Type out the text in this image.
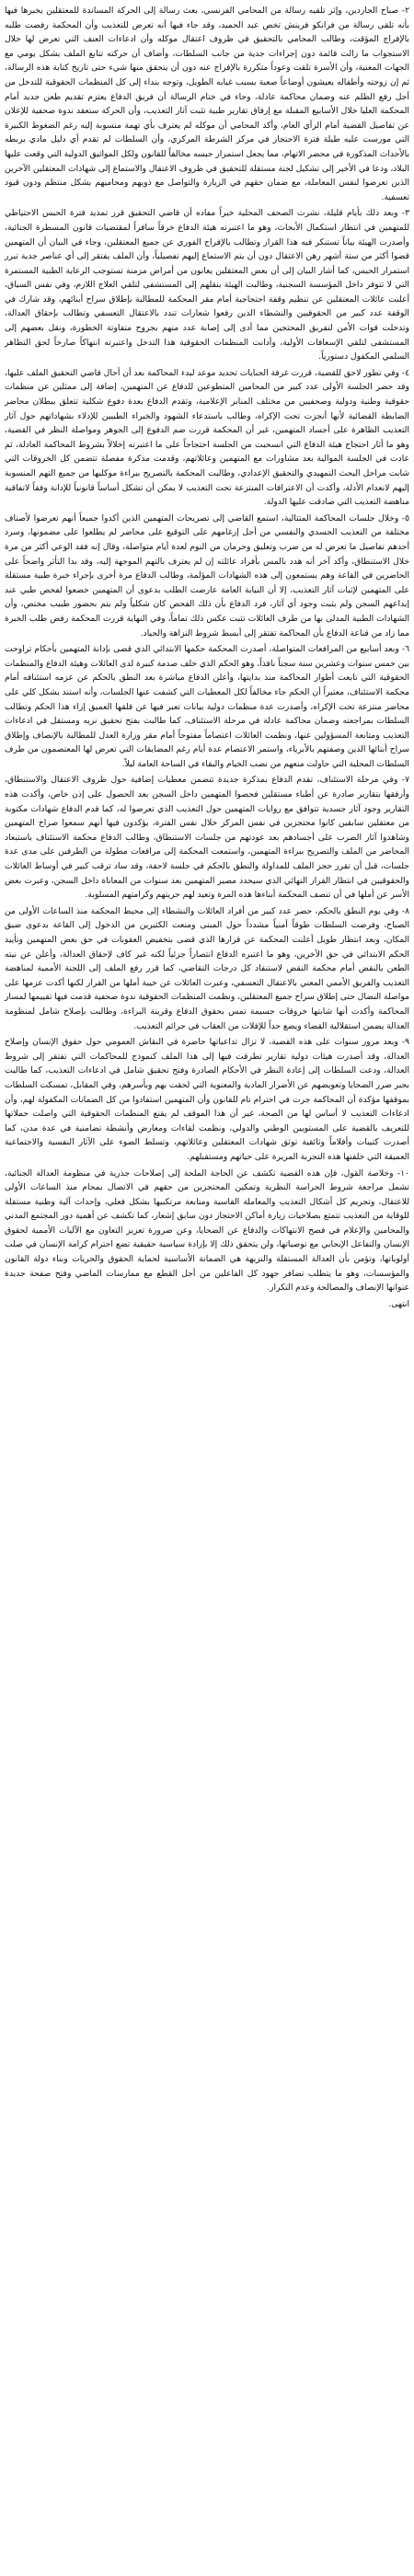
٢- صباح الجاردين، وإثر تلقيه رسالة من المحامي الفرنسي، بعث رسالة إلى الحركة المساندة للمعتقلين يخبرها فيها بأنه تلقى رسالة من فرانكو فرينش تخص عبد الحميد، وقد جاء فيها أنه تعرض للتعذيب وأن المحكمة رفضت طلبه بالإفراج المؤقت، وطالب المحامي بالتحقيق في ظروف اعتقال موكله وأن ادعاءات العنف التي تعرض لها خلال الاستجواب ما زالت قائمة دون إجراءات جدية من جانب السلطات، وأضاف أن حركته تتابع الملف بشكل يومي مع الجهات المعنية، وأن الأسرة تلقت وعوداً متكررة بالإفراج عنه دون أن يتحقق منها شيء حتى تاريخ كتابة هذه الرسالة، ثم إن زوجته وأطفاله يعيشون أوضاعاً صعبة بسبب غيابه الطويل، وتوجه بنداء إلى كل المنظمات الحقوقية للتدخل من أجل رفع الظلم عنه وضمان محاكمة عادلة، وجاء في ختام الرسالة أن فريق الدفاع يعتزم تقديم طعن جديد أمام المحكمة العليا خلال الأسابيع المقبلة مع إرفاق تقارير طبية تثبت آثار التعذيب، وأن الحركة ستعقد ندوة صحفية للإعلان عن تفاصيل القضية أمام الرأي العام، وأكد المحامي أن موكله لم يعترف بأي تهمة منسوبة إليه رغم الضغوط الكبيرة التي مورست عليه طيلة فترة الاحتجاز في مركز الشرطة المركزي، وأن السلطات لم تقدم أي دليل مادي يربطه بالأحداث المذكورة في محضر الاتهام، مما يجعل استمرار حبسه مخالفاً للقانون ولكل المواثيق الدولية التي وقعت عليها البلاد، ودعا في الأخير إلى تشكيل لجنة مستقلة للتحقيق في ظروف الاعتقال والاستماع إلى شهادات المعتقلين الآخرين الذين تعرضوا لنفس المعاملة، مع ضمان حقهم في الزيارة والتواصل مع ذويهم ومحاميهم بشكل منتظم ودون قيود تعسفية.

٣- وبعد ذلك بأيام قليلة، نشرت الصحف المحلية خبراً مفاده أن قاضي التحقيق قرر تمديد فترة الحبس الاحتياطي للمتهمين في انتظار استكمال الأبحاث، وهو ما اعتبرته هيئة الدفاع خرقاً سافراً لمقتضيات قانون المسطرة الجنائية، وأصدرت الهيئة بياناً تستنكر فيه هذا القرار وتطالب بالإفراج الفوري عن جميع المعتقلين، وجاء في البيان أن المتهمين قضوا أكثر من ستة أشهر رهن الاعتقال دون أن يتم الاستماع إليهم تفصيلياً، وأن الملف يفتقر إلى أي عناصر جدية تبرر استمرار الحبس، كما أشار البيان إلى أن بعض المعتقلين يعانون من أمراض مزمنة تستوجب الرعاية الطبية المستمرة التي لا تتوفر داخل المؤسسة السجنية، وطالبت الهيئة بنقلهم إلى المستشفى لتلقي العلاج اللازم، وفي نفس السياق، أعلنت عائلات المعتقلين عن تنظيم وقفة احتجاجية أمام مقر المحكمة للمطالبة بإطلاق سراح أبنائهم، وقد شارك في الوقفة عدد كبير من الحقوقيين والنشطاء الذين رفعوا شعارات تندد بالاعتقال التعسفي وتطالب بإحقاق العدالة، وتدخلت قوات الأمن لتفريق المحتجين مما أدى إلى إصابة عدد منهم بجروح متفاوتة الخطورة، ونقل بعضهم إلى المستشفى لتلقي الإسعافات الأولية، وأدانت المنظمات الحقوقية هذا التدخل واعتبرته انتهاكاً صارخاً لحق التظاهر السلمي المكفول دستورياً.

٤- وفي تطور لاحق للقضية، قررت غرفة الجنايات تحديد موعد لبدء المحاكمة بعد أن أحال قاضي التحقيق الملف عليها، وقد حضر الجلسة الأولى عدد كبير من المحامين المتطوعين للدفاع عن المتهمين، إضافة إلى ممثلين عن منظمات حقوقية وطنية ودولية وصحفيين من مختلف المنابر الإعلامية، وتقدم الدفاع بعدة دفوع شكلية تتعلق ببطلان محاضر الضابطة القضائية لأنها أنجزت تحت الإكراه، وطالب باستدعاء الشهود والخبراء الطبيين للإدلاء بشهاداتهم حول آثار التعذيب الظاهرة على أجساد المتهمين، غير أن المحكمة قررت ضم الدفوع إلى الجوهر ومواصلة النظر في القضية، وهو ما أثار احتجاج هيئة الدفاع التي انسحبت من الجلسة احتجاجاً على ما اعتبرته إخلالاً بشروط المحاكمة العادلة، ثم عادت في الجلسة الموالية بعد مشاورات مع المتهمين وعائلاتهم، وقدمت مذكرة مفصلة تتضمن كل الخروقات التي شابت مراحل البحث التمهيدي والتحقيق الإعدادي، وطالبت المحكمة بالتصريح ببراءة موكليها من جميع التهم المنسوبة إليهم لانعدام الأدلة، وأكدت أن الاعترافات المنتزعة تحت التعذيب لا يمكن أن تشكل أساساً قانونياً للإدانة وفقاً لاتفاقية مناهضة التعذيب التي صادقت عليها الدولة.

٥- وخلال جلسات المحاكمة المتتالية، استمع القاضي إلى تصريحات المتهمين الذين أكدوا جميعاً أنهم تعرضوا لأصناف مختلفة من التعذيب الجسدي والنفسي من أجل إرغامهم على التوقيع على محاضر لم يطلعوا على مضمونها، وسرد أحدهم تفاصيل ما تعرض له من ضرب وتعليق وحرمان من النوم لعدة أيام متواصلة، وقال إنه فقد الوعي أكثر من مرة خلال الاستنطاق، وأكد آخر أنه هدد بالمس بأفراد عائلته إن لم يعترف بالتهم الموجهة إليه، وقد بدا التأثر واضحاً على الحاضرين في القاعة وهم يستمعون إلى هذه الشهادات المؤلمة، وطالب الدفاع مرة أخرى بإجراء خبرة طبية مستقلة على المتهمين لإثبات آثار التعذيب، إلا أن النيابة العامة عارضت الطلب بدعوى أن المتهمين خضعوا لفحص طبي عند إيداعهم السجن ولم يثبت وجود أي آثار، فرد الدفاع بأن ذلك الفحص كان شكلياً ولم يتم بحضور طبيب مختص، وأن الشهادات الطبية المدلى بها من طرف العائلات تثبت عكس ذلك تماماً، وفي النهاية قررت المحكمة رفض طلب الخبرة مما زاد من قناعة الدفاع بأن المحاكمة تفتقر إلى أبسط شروط النزاهة والحياد.

٦- وبعد أسابيع من المرافعات المتواصلة، أصدرت المحكمة حكمها الابتدائي الذي قضى بإدانة المتهمين بأحكام تراوحت بين خمس سنوات وعشرين سنة سجناً نافذاً، وهو الحكم الذي خلف صدمة كبيرة لدى العائلات وهيئة الدفاع والمنظمات الحقوقية التي تابعت أطوار المحاكمة منذ بدايتها، وأعلن الدفاع مباشرة بعد النطق بالحكم عن عزمه استئنافه أمام محكمة الاستئناف، معتبراً أن الحكم جاء مخالفاً لكل المعطيات التي كشفت عنها الجلسات، وأنه استند بشكل كلي على محاضر منتزعة تحت الإكراه، وأصدرت عدة منظمات دولية بيانات تعبر فيها عن قلقها العميق إزاء هذا الحكم وتطالب السلطات بمراجعته وضمان محاكمة عادلة في مرحلة الاستئناف، كما طالبت بفتح تحقيق نزيه ومستقل في ادعاءات التعذيب ومتابعة المسؤولين عنها، ونظمت العائلات اعتصاماً مفتوحاً أمام مقر وزارة العدل للمطالبة بالإنصاف وإطلاق سراح أبنائها الذين وصفتهم بالأبرياء، واستمر الاعتصام عدة أيام رغم المضايقات التي تعرض لها المعتصمون من طرف السلطات المحلية التي حاولت منعهم من نصب الخيام والبقاء في الساحة العامة ليلاً.

٧- وفي مرحلة الاستئناف، تقدم الدفاع بمذكرة جديدة تتضمن معطيات إضافية حول ظروف الاعتقال والاستنطاق، وأرفقها بتقارير صادرة عن أطباء مستقلين فحصوا المتهمين داخل السجن بعد الحصول على إذن خاص، وأكدت هذه التقارير وجود آثار جسدية تتوافق مع روايات المتهمين حول التعذيب الذي تعرضوا له، كما قدم الدفاع شهادات مكتوبة من معتقلين سابقين كانوا محتجزين في نفس المركز خلال نفس الفترة، يؤكدون فيها أنهم سمعوا صراخ المتهمين وشاهدوا آثار الضرب على أجسادهم بعد عودتهم من جلسات الاستنطاق، وطالب الدفاع محكمة الاستئناف باستبعاد المحاضر من الملف والتصريح ببراءة المتهمين، واستمعت المحكمة إلى مرافعات مطولة من الطرفين على مدى عدة جلسات، قبل أن تقرر حجز الملف للمداولة والنطق بالحكم في جلسة لاحقة، وقد ساد ترقب كبير في أوساط العائلات والحقوقيين في انتظار القرار النهائي الذي سيحدد مصير المتهمين بعد سنوات من المعاناة داخل السجن، وعبرت بعض الأسر عن أملها في أن تنصف المحكمة أبناءها هذه المرة وتعيد لهم حريتهم وكرامتهم المسلوبة.

٨- وفي يوم النطق بالحكم، حضر عدد كبير من أفراد العائلات والنشطاء إلى محيط المحكمة منذ الساعات الأولى من الصباح، وفرضت السلطات طوقاً أمنياً مشدداً حول المبنى ومنعت الكثيرين من الدخول إلى القاعة بدعوى ضيق المكان، وبعد انتظار طويل أعلنت المحكمة عن قرارها الذي قضى بتخفيض العقوبات في حق بعض المتهمين وتأييد الحكم الابتدائي في حق الآخرين، وهو ما اعتبره الدفاع انتصاراً جزئياً لكنه غير كاف لإحقاق العدالة، وأعلن عن نيته الطعن بالنقض أمام محكمة النقض لاستنفاد كل درجات التقاضي، كما قرر رفع الملف إلى اللجنة الأممية لمناهضة التعذيب والفريق الأممي المعني بالاعتقال التعسفي، وعبرت العائلات عن خيبة أملها من القرار لكنها أكدت عزمها على مواصلة النضال حتى إطلاق سراح جميع المعتقلين، ونظمت المنظمات الحقوقية ندوة صحفية قدمت فيها تقييمها لمسار المحاكمة وأكدت أنها شابتها خروقات جسيمة تمس بحقوق الدفاع وقرينة البراءة، وطالبت بإصلاح شامل لمنظومة العدالة يضمن استقلالية القضاء ويضع حداً للإفلات من العقاب في جرائم التعذيب.

٩- وبعد مرور سنوات على هذه القضية، لا تزال تداعياتها حاضرة في النقاش العمومي حول حقوق الإنسان وإصلاح العدالة، وقد أصدرت هيئات دولية تقارير تطرقت فيها إلى هذا الملف كنموذج للمحاكمات التي تفتقر إلى شروط العدالة، ودعت السلطات إلى إعادة النظر في الأحكام الصادرة وفتح تحقيق شامل في ادعاءات التعذيب، كما طالبت بجبر ضرر الضحايا وتعويضهم عن الأضرار المادية والمعنوية التي لحقت بهم وبأسرهم، وفي المقابل، تمسكت السلطات بموقفها مؤكدة أن المحاكمة جرت في احترام تام للقانون وأن المتهمين استفادوا من كل الضمانات المكفولة لهم، وأن ادعاءات التعذيب لا أساس لها من الصحة، غير أن هذا الموقف لم يقنع المنظمات الحقوقية التي واصلت حملاتها للتعريف بالقضية على المستويين الوطني والدولي، ونظمت لقاءات ومعارض وأنشطة تضامنية في عدة مدن، كما أصدرت كتيبات وأفلاماً وثائقية توثق شهادات المعتقلين وعائلاتهم، وتسلط الضوء على الآثار النفسية والاجتماعية العميقة التي خلفتها هذه التجربة المريرة على حياتهم ومستقبلهم.

١٠- وخلاصة القول، فإن هذه القضية تكشف عن الحاجة الملحة إلى إصلاحات جذرية في منظومة العدالة الجنائية، تشمل مراجعة شروط الحراسة النظرية وتمكين المحتجزين من حقهم في الاتصال بمحام منذ الساعات الأولى للاعتقال، وتجريم كل أشكال التعذيب والمعاملة القاسية ومتابعة مرتكبيها بشكل فعلي، وإحداث آلية وطنية مستقلة للوقاية من التعذيب تتمتع بصلاحيات زيارة أماكن الاحتجاز دون سابق إشعار، كما تكشف عن أهمية دور المجتمع المدني والمحامين والإعلام في فضح الانتهاكات والدفاع عن الضحايا، وعن ضرورة تعزيز التعاون مع الآليات الأممية لحقوق الإنسان والتفاعل الإيجابي مع توصياتها، ولن يتحقق ذلك إلا بإرادة سياسية حقيقية تضع احترام كرامة الإنسان في صلب أولوياتها، وتؤمن بأن العدالة المستقلة والنزيهة هي الضمانة الأساسية لحماية الحقوق والحريات وبناء دولة القانون والمؤسسات، وهو ما يتطلب تضافر جهود كل الفاعلين من أجل القطع مع ممارسات الماضي وفتح صفحة جديدة عنوانها الإنصاف والمصالحة وعدم التكرار.

انتهى.
